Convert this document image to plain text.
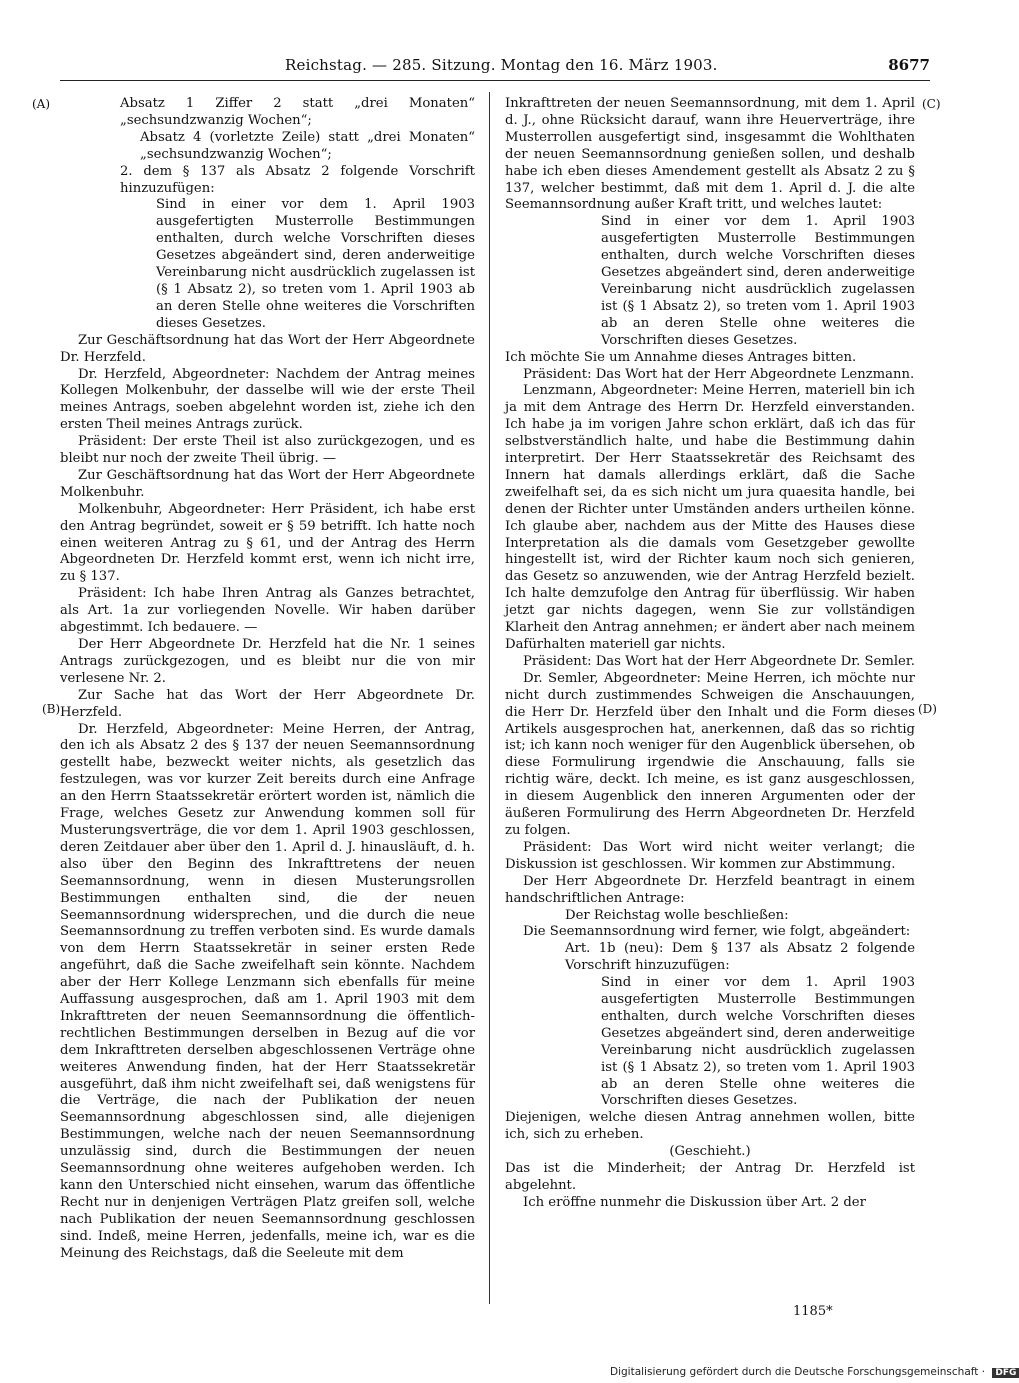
Reichstag. — 285. Sitzung. Montag den 16. März 1903.	8677
(A)
(B)
(C)
(D)

Absatz 1 Ziffer 2 statt „drei Monaten“ „sechsundzwanzig Wochen“;

Absatz 4 (vorletzte Zeile) statt „drei Monaten“ „sechsundzwanzig Wochen“;

2. dem § 137 als Absatz 2 folgende Vorschrift hinzuzufügen:

Sind in einer vor dem 1. April 1903 ausgefertigten Musterrolle Bestimmungen enthalten, durch welche Vorschriften dieses Gesetzes abgeändert sind, deren anderweitige Vereinbarung nicht ausdrücklich zugelassen ist (§ 1 Absatz 2), so treten vom 1. April 1903 ab an deren Stelle ohne weiteres die Vorschriften dieses Gesetzes.

Zur Geschäftsordnung hat das Wort der Herr Abgeordnete Dr. Herzfeld.

Dr. Herzfeld, Abgeordneter: Nachdem der Antrag meines Kollegen Molkenbuhr, der dasselbe will wie der erste Theil meines Antrags, soeben abgelehnt worden ist, ziehe ich den ersten Theil meines Antrags zurück.

Präsident: Der erste Theil ist also zurückgezogen, und es bleibt nur noch der zweite Theil übrig. —

Zur Geschäftsordnung hat das Wort der Herr Abgeordnete Molkenbuhr.

Molkenbuhr, Abgeordneter: Herr Präsident, ich habe erst den Antrag begründet, soweit er § 59 betrifft. Ich hatte noch einen weiteren Antrag zu § 61, und der Antrag des Herrn Abgeordneten Dr. Herzfeld kommt erst, wenn ich nicht irre, zu § 137.

Präsident: Ich habe Ihren Antrag als Ganzes betrachtet, als Art. 1a zur vorliegenden Novelle. Wir haben darüber abgestimmt. Ich bedauere. —

Der Herr Abgeordnete Dr. Herzfeld hat die Nr. 1 seines Antrags zurückgezogen, und es bleibt nur die von mir verlesene Nr. 2.

Zur Sache hat das Wort der Herr Abgeordnete Dr. Herzfeld.

Dr. Herzfeld, Abgeordneter: Meine Herren, der Antrag, den ich als Absatz 2 des § 137 der neuen Seemannsordnung gestellt habe, bezweckt weiter nichts, als gesetzlich das festzulegen, was vor kurzer Zeit bereits durch eine Anfrage an den Herrn Staatssekretär erörtert worden ist, nämlich die Frage, welches Gesetz zur Anwendung kommen soll für Musterungsverträge, die vor dem 1. April 1903 geschlossen, deren Zeitdauer aber über den 1. April d. J. hinausläuft, d. h. also über den Beginn des Inkrafttretens der neuen Seemannsordnung, wenn in diesen Musterungsrollen Bestimmungen enthalten sind, die der neuen Seemannsordnung widersprechen, und die durch die neue Seemannsordnung zu treffen verboten sind. Es wurde damals von dem Herrn Staatssekretär in seiner ersten Rede angeführt, daß die Sache zweifelhaft sein könnte. Nachdem aber der Herr Kollege Lenzmann sich ebenfalls für meine Auffassung ausgesprochen, daß am 1. April 1903 mit dem Inkrafttreten der neuen Seemannsordnung die öffentlich-rechtlichen Bestimmungen derselben in Bezug auf die vor dem Inkrafttreten derselben abgeschlossenen Verträge ohne weiteres Anwendung finden, hat der Herr Staatssekretär ausgeführt, daß ihm nicht zweifelhaft sei, daß wenigstens für die Verträge, die nach der Publikation der neuen Seemannsordnung abgeschlossen sind, alle diejenigen Bestimmungen, welche nach der neuen Seemannsordnung unzulässig sind, durch die Bestimmungen der neuen Seemannsordnung ohne weiteres aufgehoben werden. Ich kann den Unterschied nicht einsehen, warum das öffentliche Recht nur in denjenigen Verträgen Platz greifen soll, welche nach Publikation der neuen Seemannsordnung geschlossen sind. Indeß, meine Herren, jedenfalls, meine ich, war es die Meinung des Reichstags, daß die Seeleute mit dem

Inkrafttreten der neuen Seemannsordnung, mit dem 1. April d. J., ohne Rücksicht darauf, wann ihre Heuerverträge, ihre Musterrollen ausgefertigt sind, insgesammt die Wohlthaten der neuen Seemannsordnung genießen sollen, und deshalb habe ich eben dieses Amendement gestellt als Absatz 2 zu § 137, welcher bestimmt, daß mit dem 1. April d. J. die alte Seemannsordnung außer Kraft tritt, und welches lautet:

Sind in einer vor dem 1. April 1903 ausgefertigten Musterrolle Bestimmungen enthalten, durch welche Vorschriften dieses Gesetzes abgeändert sind, deren anderweitige Vereinbarung nicht ausdrücklich zugelassen ist (§ 1 Absatz 2), so treten vom 1. April 1903 ab an deren Stelle ohne weiteres die Vorschriften dieses Gesetzes.

Ich möchte Sie um Annahme dieses Antrages bitten.

Präsident: Das Wort hat der Herr Abgeordnete Lenzmann.

Lenzmann, Abgeordneter: Meine Herren, materiell bin ich ja mit dem Antrage des Herrn Dr. Herzfeld einverstanden. Ich habe ja im vorigen Jahre schon erklärt, daß ich das für selbstverständlich halte, und habe die Bestimmung dahin interpretirt. Der Herr Staatssekretär des Reichsamt des Innern hat damals allerdings erklärt, daß die Sache zweifelhaft sei, da es sich nicht um jura quaesita handle, bei denen der Richter unter Umständen anders urtheilen könne. Ich glaube aber, nachdem aus der Mitte des Hauses diese Interpretation als die damals vom Gesetzgeber gewollte hingestellt ist, wird der Richter kaum noch sich genieren, das Gesetz so anzuwenden, wie der Antrag Herzfeld bezielt. Ich halte demzufolge den Antrag für überflüssig. Wir haben jetzt gar nichts dagegen, wenn Sie zur vollständigen Klarheit den Antrag annehmen; er ändert aber nach meinem Dafürhalten materiell gar nichts.

Präsident: Das Wort hat der Herr Abgeordnete Dr. Semler.

Dr. Semler, Abgeordneter: Meine Herren, ich möchte nur nicht durch zustimmendes Schweigen die Anschauungen, die Herr Dr. Herzfeld über den Inhalt und die Form dieses Artikels ausgesprochen hat, anerkennen, daß das so richtig ist; ich kann noch weniger für den Augenblick übersehen, ob diese Formulirung irgendwie die Anschauung, falls sie richtig wäre, deckt. Ich meine, es ist ganz ausgeschlossen, in diesem Augenblick den inneren Argumenten oder der äußeren Formulirung des Herrn Abgeordneten Dr. Herzfeld zu folgen.

Präsident: Das Wort wird nicht weiter verlangt; die Diskussion ist geschlossen. Wir kommen zur Abstimmung.

Der Herr Abgeordnete Dr. Herzfeld beantragt in einem handschriftlichen Antrage:

Der Reichstag wolle beschließen:

Die Seemannsordnung wird ferner, wie folgt, abgeändert:

Art. 1b (neu): Dem § 137 als Absatz 2 folgende Vorschrift hinzuzufügen:

Sind in einer vor dem 1. April 1903 ausgefertigten Musterrolle Bestimmungen enthalten, durch welche Vorschriften dieses Gesetzes abgeändert sind, deren anderweitige Vereinbarung nicht ausdrücklich zugelassen ist (§ 1 Absatz 2), so treten vom 1. April 1903 ab an deren Stelle ohne weiteres die Vorschriften dieses Gesetzes.

Diejenigen, welche diesen Antrag annehmen wollen, bitte ich, sich zu erheben.

(Geschieht.)

Das ist die Minderheit; der Antrag Dr. Herzfeld ist abgelehnt.

Ich eröffne nunmehr die Diskussion über Art. 2 der

1185*
Digitalisierung gefördert durch die Deutsche Forschungsgemeinschaft · DFG
